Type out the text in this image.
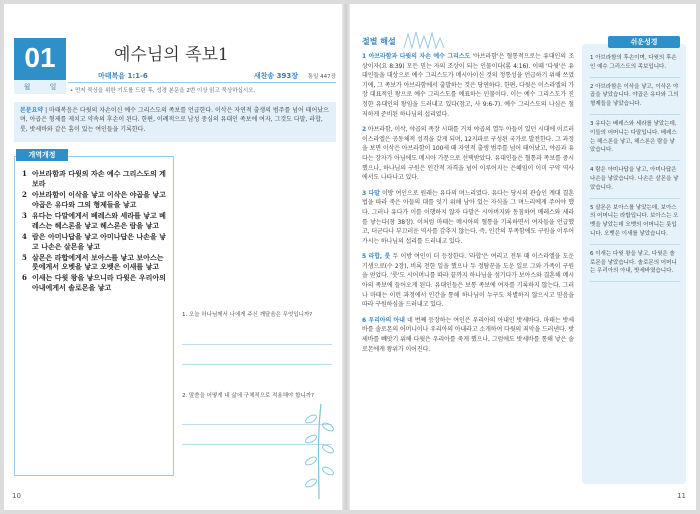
01
월	일
예수님의 족보1
마태복음 1:1-6	새찬송 393장 통일 447장
• 먼저 묵상을 위한 기도를 드린 후, 성경 본문을 2번 이상 읽고 묵상하십시오.
본문요약 | 마태복음은 다윗의 자손이신 예수 그리스도의 족보를 언급한다. 이삭은 자연적 출생의 범주를 넘어 태어났으며, 아곱은 형제를 제치고 약속의 후손이 된다. 한편, 이례적으로 남성 중심의 유대인 족보에 여자, 그것도 다말, 라합, 룻, 밧세바와 같은 흠이 있는 여인들을 기록한다.
개역개정
1 아브라함과 다윗의 자손 예수 그리스도의 계보라
2 아브라함이 이삭을 낳고 이삭은 야곱을 낳고 야곱은 유다와 그의 형제들을 낳고
3 유다는 다말에게서 베레스와 세라를 낳고 베레스는 헤스론을 낳고 헤스론은 람을 낳고
4 람은 아미나답을 낳고 아미나답은 나손을 낳고 나손은 살몬을 낳고
5 살몬은 라합에게서 보아스를 낳고 보아스는 룻에게서 오벳을 낳고 오벳은 이새를 낳고
6 이새는 다윗 왕을 낳으니라 다윗은 우리아의 아내에게서 솔로몬을 낳고
1. 오늘 하나님께서 나에게 주신 깨달음은 무엇입니까?
2. 말씀을 어떻게 내 삶에 구체적으로 적용해야 합니까?
10
절별 해설

1 아브라함과 다윗의 자손 예수 그리스도 '아브라함'은 혈통적으로는 유대인의 조상이자(요 8:39) 모든 믿는 자의 조상이 되는 인물이다(롬 4:16). 이때 '다윗'은 유대인들을 대상으로 예수 그리스도가 메시아이신 것의 정통성을 언급하기 위해 쓰였기에, 그 족보가 아브라함에서 출발하는 것은 당연하다. 한편, 다윗은 이스라엘의 가장 대표적인 왕으로 예수 그리스도를 예표하는 인물이다. 이는 예수 그리스도가 진정한 유대인의 왕임을 드러내고 있다(참고, 사 9:6-7). 예수 그리스도의 나심은 철저하게 준비된 하나님의 섭리였다.

2 아브라함, 이삭, 야곱의 족장 시대를 거쳐 야곱의 열두 아들이 있던 시대에 이르러 이스라엘은 공동체적 성격을 갖게 되며, 12지파로 구성된 국가로 발전한다. 그 과정을 보면 이삭은 아브라함이 100세 때 자연적 출생 범주를 넘어 태어났고, 야곱과 유다는 장자가 아님에도 메시아 가문으로 선택받았다. 유대인들은 혈통과 족보를 중시했으나, 하나님의 구원은 인간적 자격을 넘어 이루어지는 은혜임이 이미 구약 역사에서도 나타나고 있다.

3 다말 이방 여인으로 원래는 유다의 며느리였다. 유다는 당시의 관습인 계대 결혼법을 따라 죽은 아들의 대를 잇기 위해 남아 있는 자식을 그 며느리에게 주어야 했다. 그러나 유다가 이를 이행하지 않자 다말은 시아버지와 동침하여 베레스와 세라를 낳는다(창 38장). 이처럼 마태는 메시아의 혈통을 기록하면서 여자들을 언급했고, 더군다나 부끄러운 역사를 감추지 않는다. 즉, 인간의 부족함에도 구원을 이루어 가시는 하나님의 섭리를 드러내고 있다.

5 라합, 룻 두 이방 여인이 더 등장한다. '라합'은 여리고 전투 때 이스라엘을 도운 기생으로(수 2장), 비록 천한 일을 했으나 두 정탐꾼을 도운 일로 그와 가족이 구원을 얻었다. '룻'도 시어머니를 따라 끝까지 하나님을 섬기다가 보아스와 결혼해 메시아의 족보에 들어오게 된다. 유대인들은 보통 족보에 여자를 기록하지 않는다. 그러나 마태는 이런 과정에서 인간을 통해 하나님이 누구도 차별하지 않으시고 믿음을 따라 구원하심을 드러내고 있다.

6 우리아의 아내 네 번째 등장하는 여인은 우리아의 아내인 밧세바다. 마태는 밧세바를 솔로몬의 어머니이나 우리아의 아내라고 소개하여 다윗의 죄악을 드러낸다. 밧세바를 빼앗기 위해 다윗은 우리아를 죽게 했으나, 그럼에도 밧세바를 통해 낳은 솔로몬에게 왕위가 이어진다.

쉬운성경
1 아브라함의 후손이며, 다윗의 후손인 예수 그리스도의 족보입니다.
2 아브라함은 이삭을 낳고, 이삭은 야곱을 낳았습니다. 야곱은 유다와 그의 형제들을 낳았습니다.
3 유다는 베레스와 세라를 낳았는데, 이들의 어머니는 다말입니다. 베레스는 헤스론을 낳고, 헤스론은 람을 낳았습니다.
4 람은 아미나답을 낳고, 아미나답은 나손을 낳았습니다. 나손은 살몬을 낳았습니다.
5 살몬은 보아스를 낳았는데, 보아스의 어머니는 라합입니다. 보아스는 오벳을 낳았는데 오벳의 어머니는 룻입니다. 오벳은 이새를 낳았습니다.
6 이새는 다윗 왕을 낳고, 다윗은 솔로몬을 낳았습니다. 솔로몬의 어머니는 우리아의 아내, 밧세바였습니다.
11
